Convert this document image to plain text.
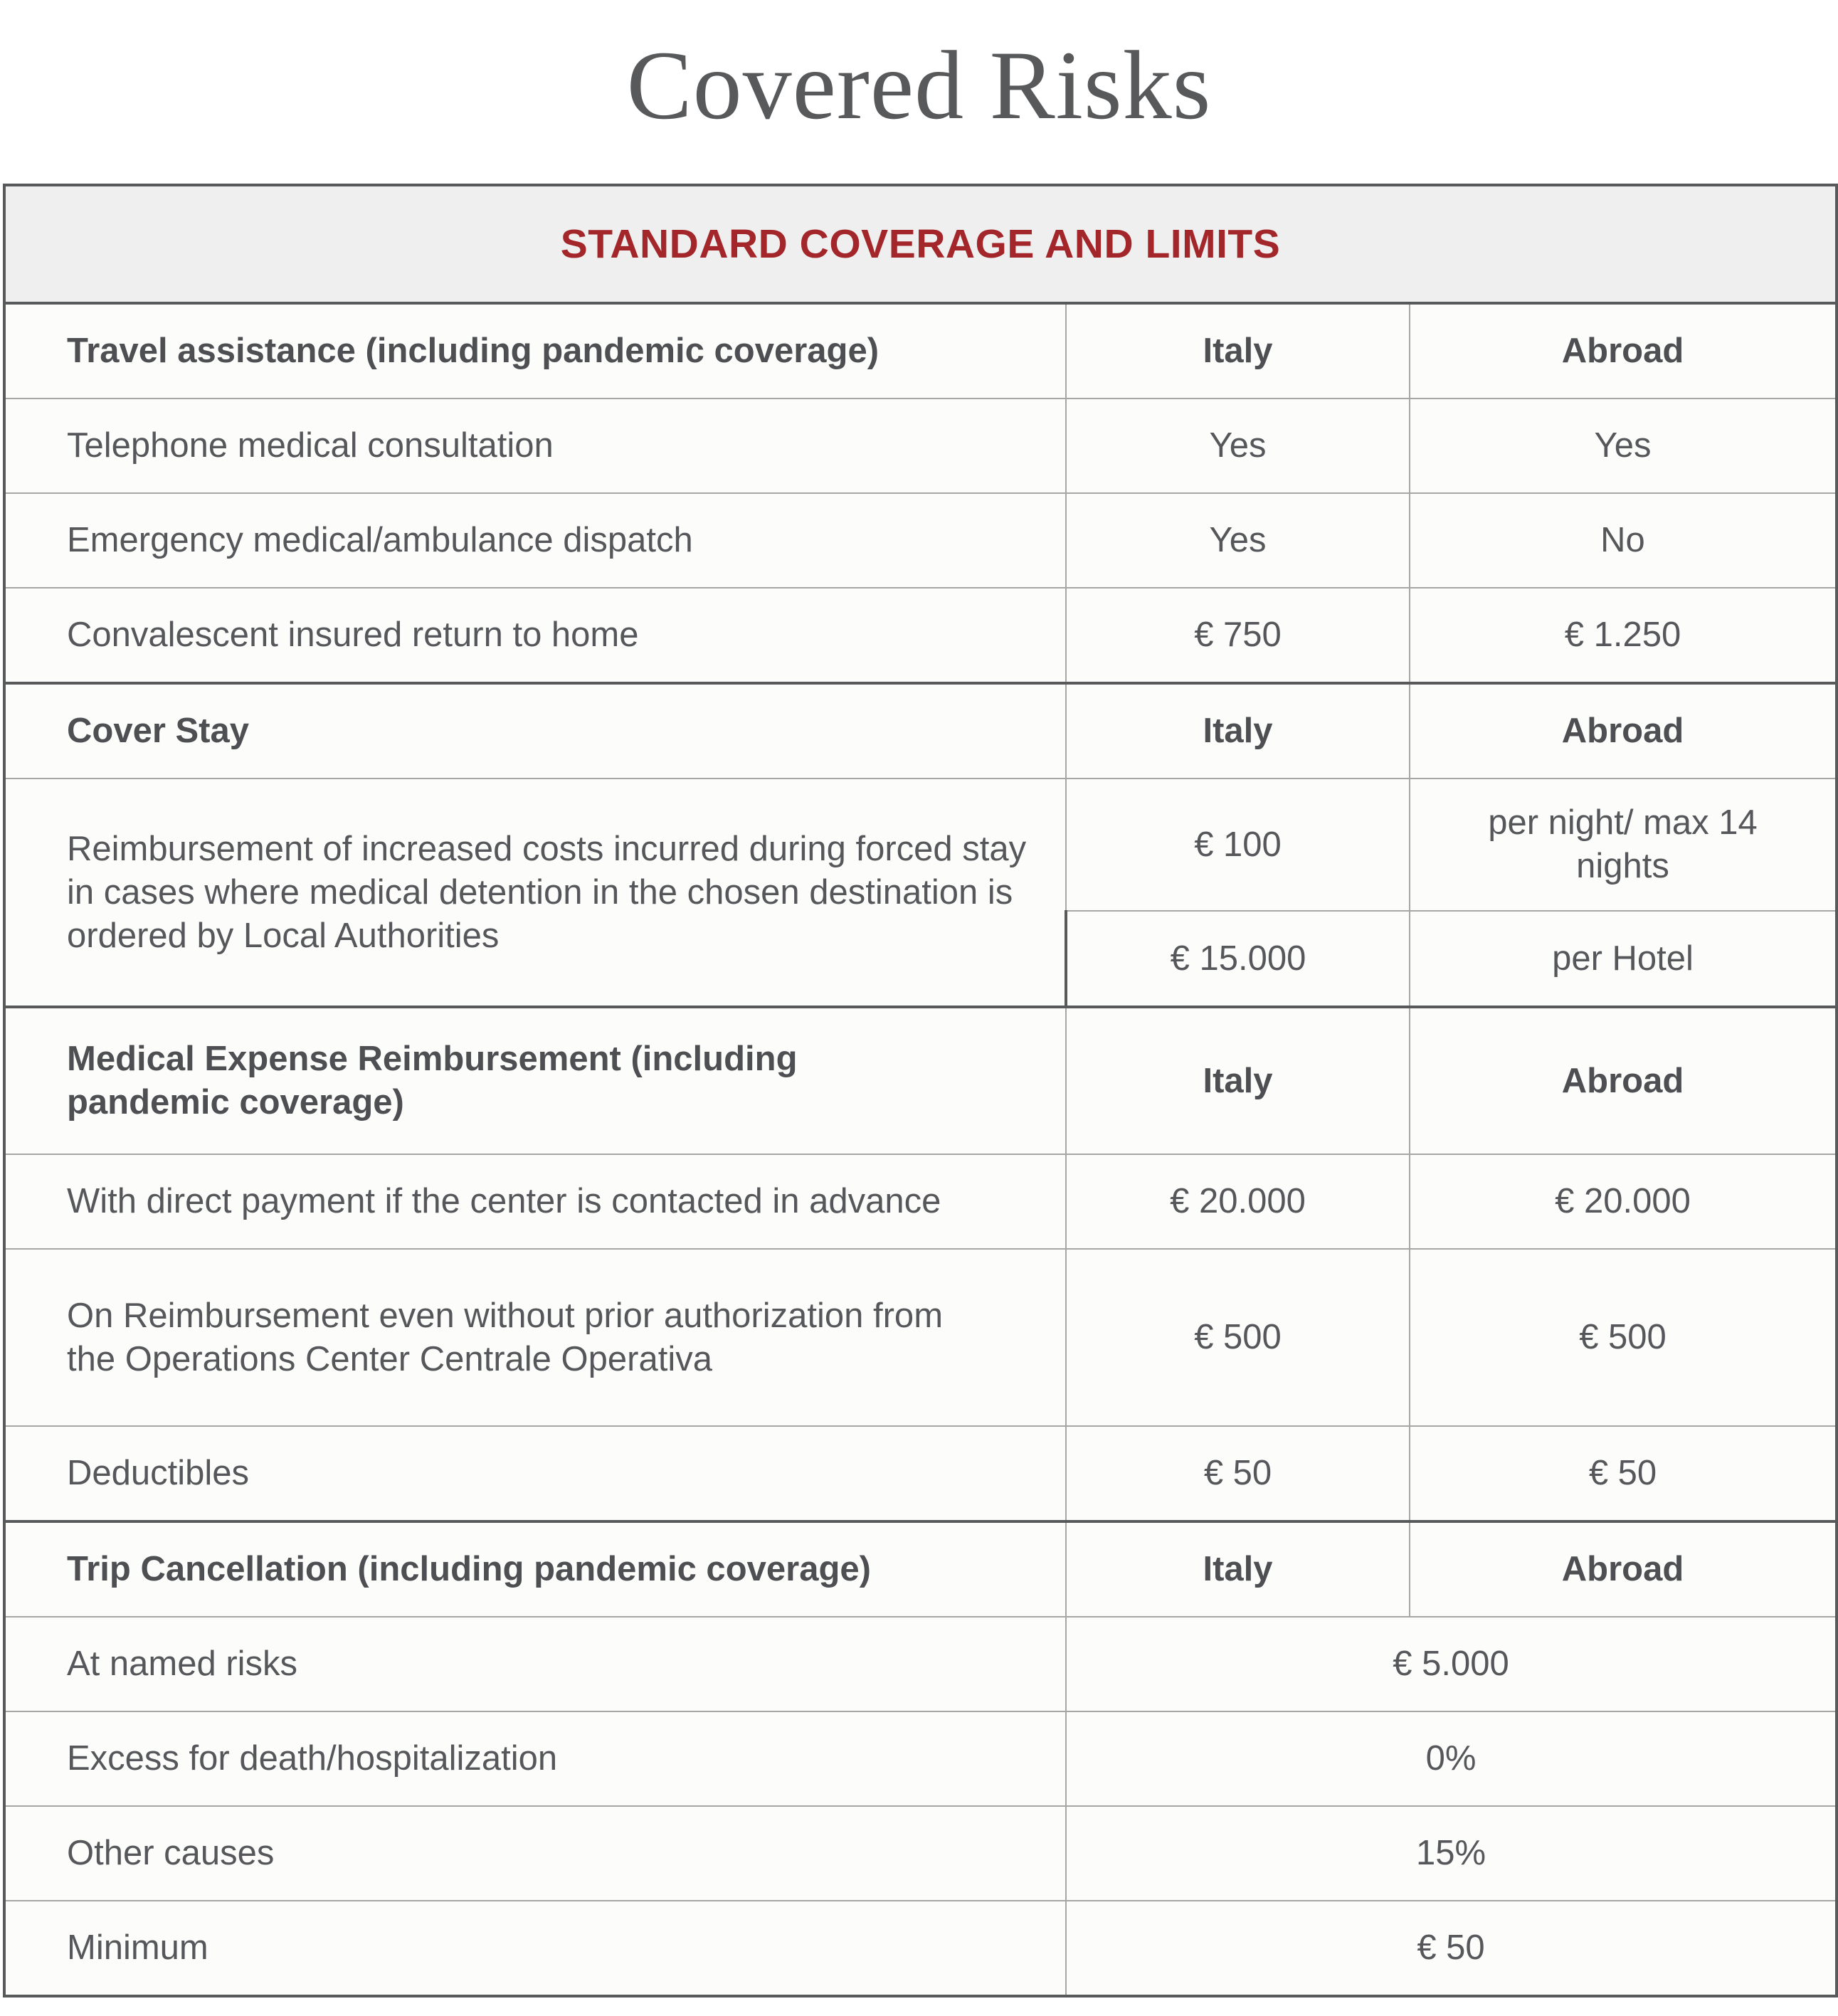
Covered Risks
STANDARD COVERAGE AND LIMITS		
Travel assistance (including pandemic coverage)	Italy	Abroad
Telephone medical consultation	Yes	Yes
Emergency medical/ambulance dispatch	Yes	No
Convalescent insured return to home	€ 750	€ 1.250
Cover Stay	Italy	Abroad
Reimbursement of increased costs incurred during forced stay in cases where medical detention in the chosen destination is ordered by Local Authorities	€ 100	per night/ max 14 nights
	€ 15.000	per Hotel
Medical Expense Reimbursement (including pandemic coverage)	Italy	Abroad
With direct payment if the center is contacted in advance	€ 20.000	€ 20.000
On Reimbursement even without prior authorization from the Operations Center Centrale Operativa	€ 500	€ 500
Deductibles	€ 50	€ 50
Trip Cancellation (including pandemic coverage)	Italy	Abroad
At named risks	€ 5.000	
Excess for death/hospitalization	0%	
Other causes	15%	
Minimum	€ 50	
